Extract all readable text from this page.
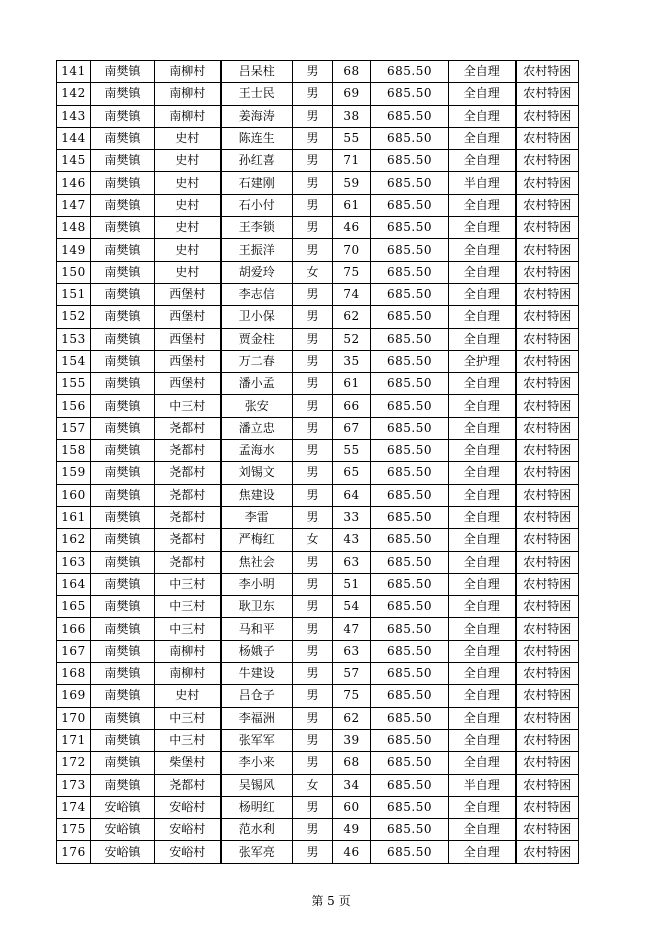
141	南樊镇	南柳村	吕呆柱	男	68	685.50	全自理	农村特困
142	南樊镇	南柳村	王士民	男	69	685.50	全自理	农村特困
143	南樊镇	南柳村	姜海涛	男	38	685.50	全自理	农村特困
144	南樊镇	史村	陈连生	男	55	685.50	全自理	农村特困
145	南樊镇	史村	孙红喜	男	71	685.50	全自理	农村特困
146	南樊镇	史村	石建刚	男	59	685.50	半自理	农村特困
147	南樊镇	史村	石小付	男	61	685.50	全自理	农村特困
148	南樊镇	史村	王李锁	男	46	685.50	全自理	农村特困
149	南樊镇	史村	王振洋	男	70	685.50	全自理	农村特困
150	南樊镇	史村	胡爱玲	女	75	685.50	全自理	农村特困
151	南樊镇	西堡村	李志信	男	74	685.50	全自理	农村特困
152	南樊镇	西堡村	卫小保	男	62	685.50	全自理	农村特困
153	南樊镇	西堡村	贾金柱	男	52	685.50	全自理	农村特困
154	南樊镇	西堡村	万二春	男	35	685.50	全护理	农村特困
155	南樊镇	西堡村	潘小孟	男	61	685.50	全自理	农村特困
156	南樊镇	中三村	张安	男	66	685.50	全自理	农村特困
157	南樊镇	尧都村	潘立忠	男	67	685.50	全自理	农村特困
158	南樊镇	尧都村	孟海水	男	55	685.50	全自理	农村特困
159	南樊镇	尧都村	刘锡文	男	65	685.50	全自理	农村特困
160	南樊镇	尧都村	焦建设	男	64	685.50	全自理	农村特困
161	南樊镇	尧都村	李雷	男	33	685.50	全自理	农村特困
162	南樊镇	尧都村	严梅红	女	43	685.50	全自理	农村特困
163	南樊镇	尧都村	焦社会	男	63	685.50	全自理	农村特困
164	南樊镇	中三村	李小明	男	51	685.50	全自理	农村特困
165	南樊镇	中三村	耿卫东	男	54	685.50	全自理	农村特困
166	南樊镇	中三村	马和平	男	47	685.50	全自理	农村特困
167	南樊镇	南柳村	杨娥子	男	63	685.50	全自理	农村特困
168	南樊镇	南柳村	牛建设	男	57	685.50	全自理	农村特困
169	南樊镇	史村	吕仓子	男	75	685.50	全自理	农村特困
170	南樊镇	中三村	李福洲	男	62	685.50	全自理	农村特困
171	南樊镇	中三村	张军军	男	39	685.50	全自理	农村特困
172	南樊镇	柴堡村	李小来	男	68	685.50	全自理	农村特困
173	南樊镇	尧都村	吴锡风	女	34	685.50	半自理	农村特困
174	安峪镇	安峪村	杨明红	男	60	685.50	全自理	农村特困
175	安峪镇	安峪村	范水利	男	49	685.50	全自理	农村特困
176	安峪镇	安峪村	张军亮	男	46	685.50	全自理	农村特困
第 5 页
